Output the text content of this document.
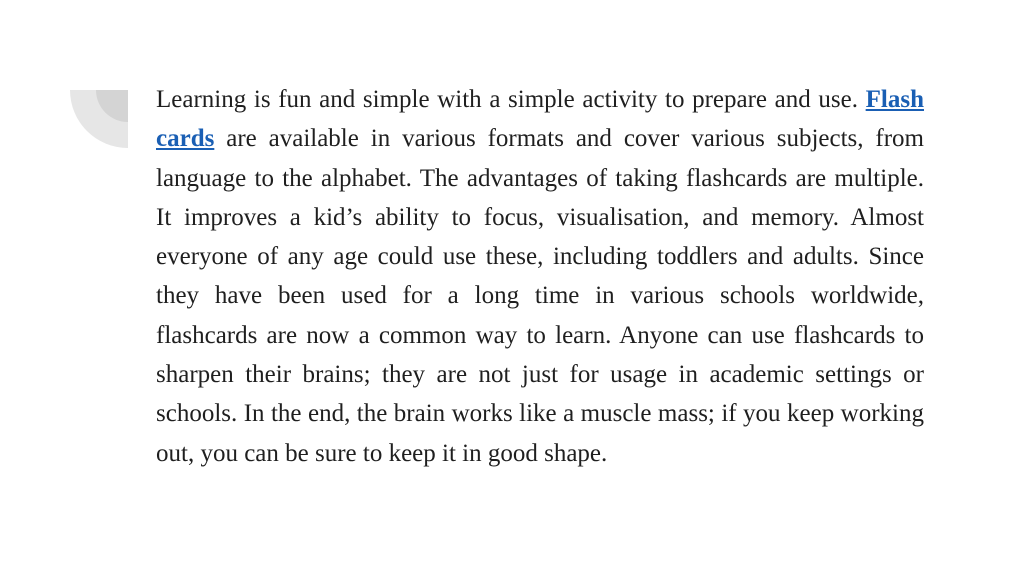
Learning is fun and simple with a simple activity to prepare and use. Flash cards are available in various formats and cover various subjects, from language to the alphabet. The advantages of taking flashcards are multiple. It improves a kid’s ability to focus, visualisation, and memory. Almost everyone of any age could use these, including toddlers and adults. Since they have been used for a long time in various schools worldwide, flashcards are now a common way to learn. Anyone can use flashcards to sharpen their brains; they are not just for usage in academic settings or schools. In the end, the brain works like a muscle mass; if you keep working out, you can be sure to keep it in good shape.
